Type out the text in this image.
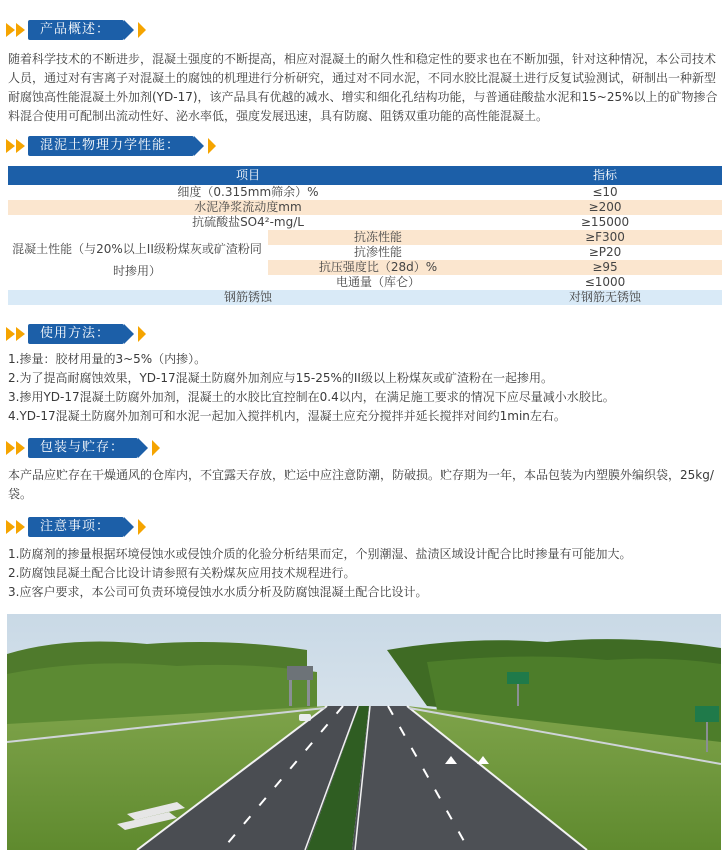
产品概述：
随着科学技术的不断进步，混凝土强度的不断提高，相应对混凝土的耐久性和稳定性的要求也在不断加强，针对这种情况，本公司技术人员，通过对有害离子对混凝土的腐蚀的机理进行分析研究，通过对不同水泥，不同水胶比混凝土进行反复试验测试，研制出一种新型耐腐蚀高性能混凝土外加剂(YD-17)，该产品具有优越的减水、增实和细化孔结构功能，与普通硅酸盐水泥和15~25%以上的矿物掺合料混合使用可配制出流动性好、泌水率低，强度发展迅速，具有防腐、阻锈双重功能的高性能混凝土。
混泥土物理力学性能：
项目		指标
细度（0.315mm筛余）%		≤10
水泥净浆流动度mm		≥200
抗硫酸盐SO4²-mg/L		≥15000

混凝土性能（与20%以上II级粉煤灰或矿渣粉同时掺用）	抗冻性能	≥F300
	抗渗性能	≥P20
	抗压强度比（28d）%	≥95
	电通量（库仑）	≤1000
钢筋锈蚀		对钢筋无锈蚀
使用方法：
1.掺量：胶材用量的3~5%（内掺）。
2.为了提高耐腐蚀效果，YD-17混凝土防腐外加剂应与15-25%的II级以上粉煤灰或矿渣粉在一起掺用。
3.掺用YD-17混凝土防腐外加剂，混凝土的水胶比宜控制在0.4以内，在满足施工要求的情况下应尽量减小水胶比。
4.YD-17混凝土防腐外加剂可和水泥一起加入搅拌机内，湿凝土应充分搅拌并延长搅拌对间约1min左右。
包装与贮存：
本产品应贮存在干燥通风的仓库内，不宜露天存放，贮运中应注意防潮，防破损。贮存期为一年，本品包装为内塑膜外编织袋，25kg/袋。
注意事项：
1.防腐剂的掺量根据环境侵蚀水或侵蚀介质的化验分析结果而定，个别潮湿、盐渍区域设计配合比时掺量有可能加大。
2.防腐蚀昆凝土配合比设计请参照有关粉煤灰应用技术规程进行。
3.应客户要求，本公司可负责环境侵蚀水水质分析及防腐蚀混凝土配合比设计。
